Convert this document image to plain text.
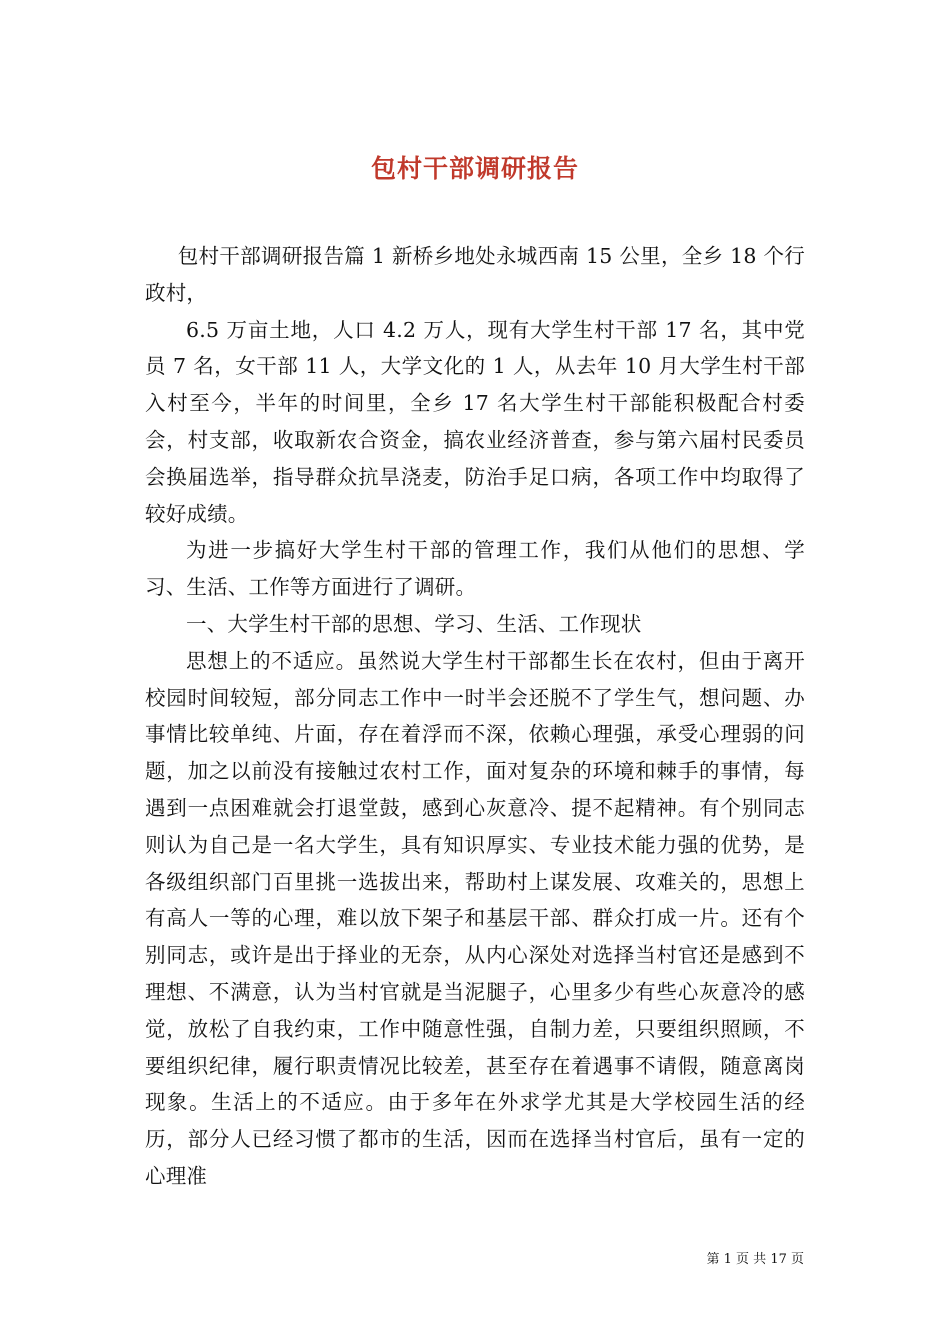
包村干部调研报告

包村干部调研报告篇 1 新桥乡地处永城西南 15 公里，全乡 18 个行政村，

6.5 万亩土地，人口 4.2 万人，现有大学生村干部 17 名，其中党员 7 名，女干部 11 人，大学文化的 1 人，从去年 10 月大学生村干部入村至今，半年的时间里，全乡 17 名大学生村干部能积极配合村委会，村支部，收取新农合资金，搞农业经济普查，参与第六届村民委员会换届选举，指导群众抗旱浇麦，防治手足口病，各项工作中均取得了较好成绩。

为进一步搞好大学生村干部的管理工作，我们从他们的思想、学习、生活、工作等方面进行了调研。

一、大学生村干部的思想、学习、生活、工作现状

思想上的不适应。虽然说大学生村干部都生长在农村，但由于离开校园时间较短，部分同志工作中一时半会还脱不了学生气，想问题、办事情比较单纯、片面，存在着浮而不深，依赖心理强，承受心理弱的问题，加之以前没有接触过农村工作，面对复杂的环境和棘手的事情，每遇到一点困难就会打退堂鼓，感到心灰意冷、提不起精神。有个别同志则认为自己是一名大学生，具有知识厚实、专业技术能力强的优势，是各级组织部门百里挑一选拔出来，帮助村上谋发展、攻难关的，思想上有高人一等的心理，难以放下架子和基层干部、群众打成一片。还有个别同志，或许是出于择业的无奈，从内心深处对选择当村官还是感到不理想、不满意，认为当村官就是当泥腿子，心里多少有些心灰意冷的感觉，放松了自我约束，工作中随意性强，自制力差，只要组织照顾，不要组织纪律，履行职责情况比较差，甚至存在着遇事不请假，随意离岗现象。生活上的不适应。由于多年在外求学尤其是大学校园生活的经历，部分人已经习惯了都市的生活，因而在选择当村官后，虽有一定的心理准

第 1 页 共 17 页
